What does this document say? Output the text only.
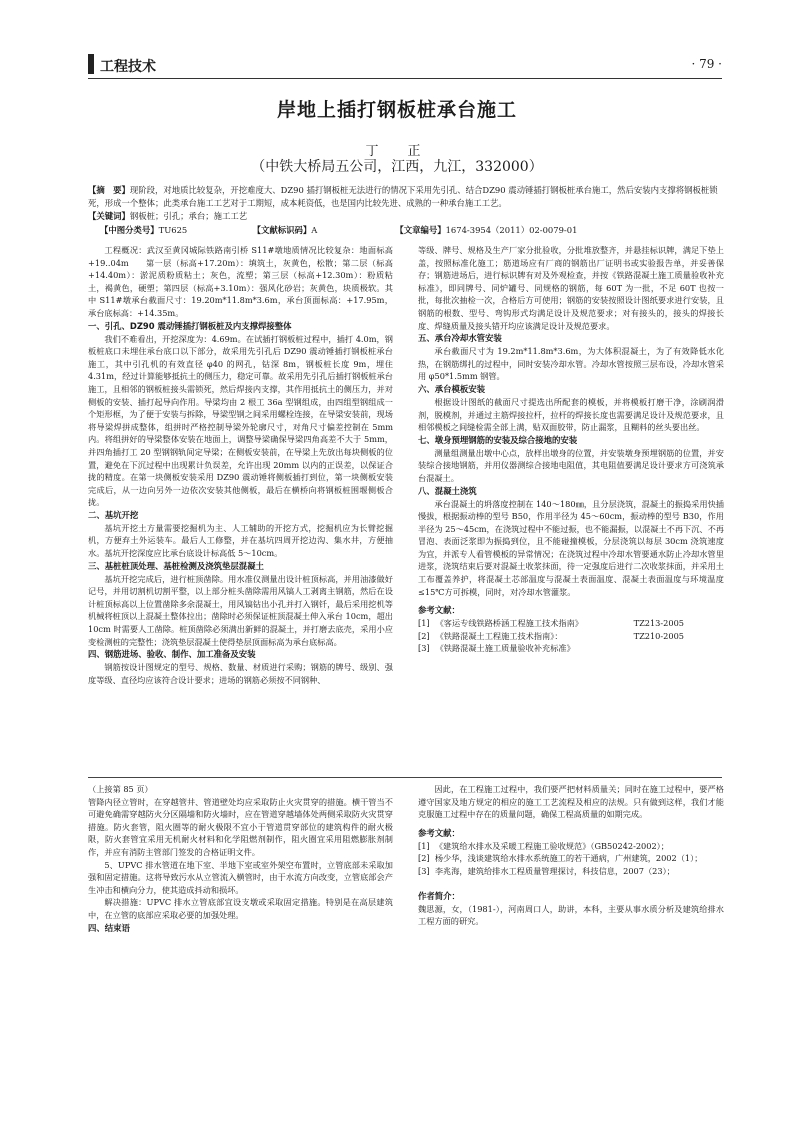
工程技术	· 79 ·
岸地上插打钢板桩承台施工
丁　正
（中铁大桥局五公司，江西，九江，332000）
【摘　要】现阶段，对地质比较复杂，开挖难度大、DZ90 插打钢板桩无法进行的情况下采用先引孔、结合DZ90 震动锤插打钢板桩承台施工，然后安装内支撑将钢板桩锁死，形成一个整体；此类承台施工工艺对于工期短，成本耗资低，也是国内比较先进、成熟的一种承台施工工艺。
【关键词】钢板桩；引孔；承台；施工工艺
【中图分类号】TU625	【文献标识码】A	【文章编号】1674-3954（2011）02-0079-01

工程概况：武汉至黄冈城际铁路南引桥 S11#墩地质情况比较复杂：地面标高 +19..04m　　第一层（标高+17.20m）：填筑土，灰黄色，松散；第二层（标高+14.40m）：淤泥质粉质粘土；灰色，流塑；第三层（标高+12.30m）：粉质粘土，褐黄色，硬塑；第四层（标高+3.10m）：强风化砂岩；灰黄色，块质极软。其中 S11#墩承台截面尺寸：19.20m*11.8m*3.6m，承台顶面标高：+17.95m，承台底标高：+14.35m。

一、引孔、DZ90 震动锤插打钢板桩及内支撑焊接整体

我们不难看出，开挖深度为：4.69m。在试插打钢板桩过程中，插打 4.0m，钢板桩底口未埋住承台底口以下部分，故采用先引孔后 DZ90 震动锤插打钢板桩承台施工，其中引孔机的有效直径 φ40 的网孔，钻深 8m，钢板桩长度 9m，埋住 4.31m，经过计算能够抵抗土的侧压力，稳定可靠。故采用先引孔后插打钢板桩承台施工，且相邻的钢板桩接头需锁死，然后焊接内支撑，其作用抵抗土的侧压力，并对侧板的安装、插打起导向作用。导梁均由 2 根工 36a 型钢组成，由四组型钢组成一个矩形框，为了便于安装与拆除，导梁型钢之间采用螺栓连接，在导梁安装前，现场将导梁焊拼成整体，组拼时严格控制导梁外轮廓尺寸，对角尺寸偏差控制在 5mm 内。将组拼好的导梁整体安装在地面上，调整导梁确保导梁四角高差不大于 5mm，并四角插打工 20 型钢钢轨间定导梁；在侧板安装前，在导梁上先放出每块侧板的位置，避免在下沉过程中出现累计负误差，允许出现 20mm 以内的正误差，以保证合拢的精度。在第一块侧板安装采用 DZ90 震动锤将侧板插打到位，第一块侧板安装完成后，从一边向另外一边依次安装其他侧板，最后在横桥向将钢板桩围堰侧板合拢。

二、基坑开挖

基坑开挖土方量需要挖掘机为主、人工辅助的开挖方式，挖掘机应为长臂挖掘机，方便弃土外运装车。最后人工修整，并在基坑四周开挖边沟、集水井，方便抽水。基坑开挖深度应比承台底设计标高低 5～10cm。

三、基桩桩顶处理、基桩检测及浇筑垫层混凝土

基坑开挖完成后，进行桩顶凿除。用水准仪测量出设计桩顶标高，并用油漆做好记号，并用切割机切割平整，以上部分桩头凿除需用风镐人工剥离主钢筋，然后在设计桩顶标高以上位置凿除多余混凝土，用风镐钻出小孔并打入钢钎，最后采用挖机等机械将桩顶以上混凝土整体拉出；凿除时必须保证桩顶混凝土伸入承台 10cm，超出 10cm 时需要人工凿除。桩顶凿除必须满出新鲜的混凝土，并打磨去底壳，采用小应变检测桩的完整性；浇筑垫层混凝土使得垫层顶面标高为承台底标高。

四、钢筋进场、验收、制作、加工准备及安装

钢筋按设计图规定的型号、规格、数量、材质进行采购；钢筋的牌号、级别、强度等级、直径均应该符合设计要求；进场的钢筋必须按不同钢种、

等级、牌号、规格及生产厂家分批验收，分批堆放整齐，并悬挂标识牌，满足下垫上盖，按照标准化施工；筋道场应有厂商的钢筋出厂证明书或实验报告单，并妥善保存；钢筋进场后，进行标识牌有对及外观检查，并按《铁路混凝土施工质量验收补充标准》，即同牌号、同炉罐号、同规格的钢筋，每 60T 为一批，不足 60T 也按一批，每批次抽检一次，合格后方可使用；钢筋的安装按照设计图纸要求进行安装，且钢筋的根数、型号、弯钩形式均满足设计及规范要求；对有接头的，接头的焊接长度、焊缝质量及接头错开均应该满足设计及规范要求。

五、承台冷却水管安装

承台截面尺寸为 19.2m*11.8m*3.6m，为大体积混凝土，为了有效降低水化热，在钢筋绑扎的过程中，同时安装冷却水管。冷却水管按照三层布设，冷却水管采用 φ50*1.5mm 钢管。

六、承台模板安装

根据设计图纸的截面尺寸提选出所配套的模板，并将模板打磨干净，涂刷润滑剂，脱模剂，并通过主筋焊接拉杆，拉杆的焊接长度也需要满足设计及规范要求，且相邻模板之间缝检需全部上满，贴双面胶带，防止漏浆，且糊料的丝头要出丝。

七、墩身预埋钢筋的安装及综合接地的安装

测量组测量出墩中心点，放样出墩身的位置，并安装墩身预埋钢筋的位置，并安装综合接地钢筋，并用仪器测综合接地电阻值，其电阻值要满足设计要求方可浇筑承台混凝土。

八、混凝土浇筑

承台混凝土的坍落度控制在 140～180㎜，且分层浇筑，混凝土的振捣采用快插慢拔，根据振动棒的型号 B50，作用半径为 45～60cm，振动棒的型号 B30，作用半径为 25～45cm，在浇筑过程中不能过振，也不能漏振，以混凝土不再下沉、不再冒泡、表面泛浆即为振捣到位，且不能碰撞模板，分层浇筑以每层 30cm 浇筑速度为宜，并派专人看管模板的异常情况；在浇筑过程中冷却水管要通水防止冷却水管里进浆，浇筑结束后要对混凝土收浆抹面，待一定强度后进行二次收浆抹面，并采用土工布覆盖养护，将混凝土芯部温度与混凝土表面温度、混凝土表面温度与环境温度≤15℃方可拆模，同时，对冷却水管灌浆。

参考文献：
[1] 《客运专线铁路桥涵工程施工技术指南》	TZ213-2005
[2] 《铁路混凝土工程施工技术指南》：	TZ210-2005
[3] 《铁路混凝土施工质量验收补充标准》

（上接第 85 页）

管降内径立管时，在穿越管井、管道壁处均应采取防止火灾贯穿的措施。横干管当不可避免确需穿越防火分区隔墙和防火墙时，应在管道穿越墙体处两侧采取防火灾贯穿措施。防火套管，阻火圈等的耐火极限不宜小于管道贯穿部位的建筑构件的耐火极限，防火套管宜采用无机耐火材料和化学阻燃剂制作，阻火圈宜采用阻燃膨胀剂制作，并应有消防主管部门签发的合格证明文件。

5、UPVC 排水管道在地下室、半地下室或室外架空布置时，立管底部未采取加强和固定措施。这将导致污水从立管流入横管时，由于水流方向改变，立管底部会产生冲击和横向分力，使其造成抖动和损坏。

解决措施：UPVC 排水立管底部宜设支墩或采取固定措施。特别是在高层建筑中，在立管的底部应采取必要的加强处理。

四、结束语

因此，在工程施工过程中，我们要严把材料质量关；同时在施工过程中，要严格遵守国家及地方规定的相应的施工工艺流程及相应的法规。只有做到这样，我们才能克服施工过程中存在的质量问题，确保工程高质量的如期完成。

参考文献：

[1] 《建筑给水排水及采暖工程施工验收规范》（GB50242-2002）；

[2] 杨少华，浅谈建筑给水排水系统施工的若干通病，广州建筑，2002（1）；

[3] 李兆海，建筑给排水工程质量管理探讨，科技信息，2007（23）；

作者简介：

魏思源，女，（1981-），河南周口人，助讲，本科，主要从事水质分析及建筑给排水工程方面的研究。
